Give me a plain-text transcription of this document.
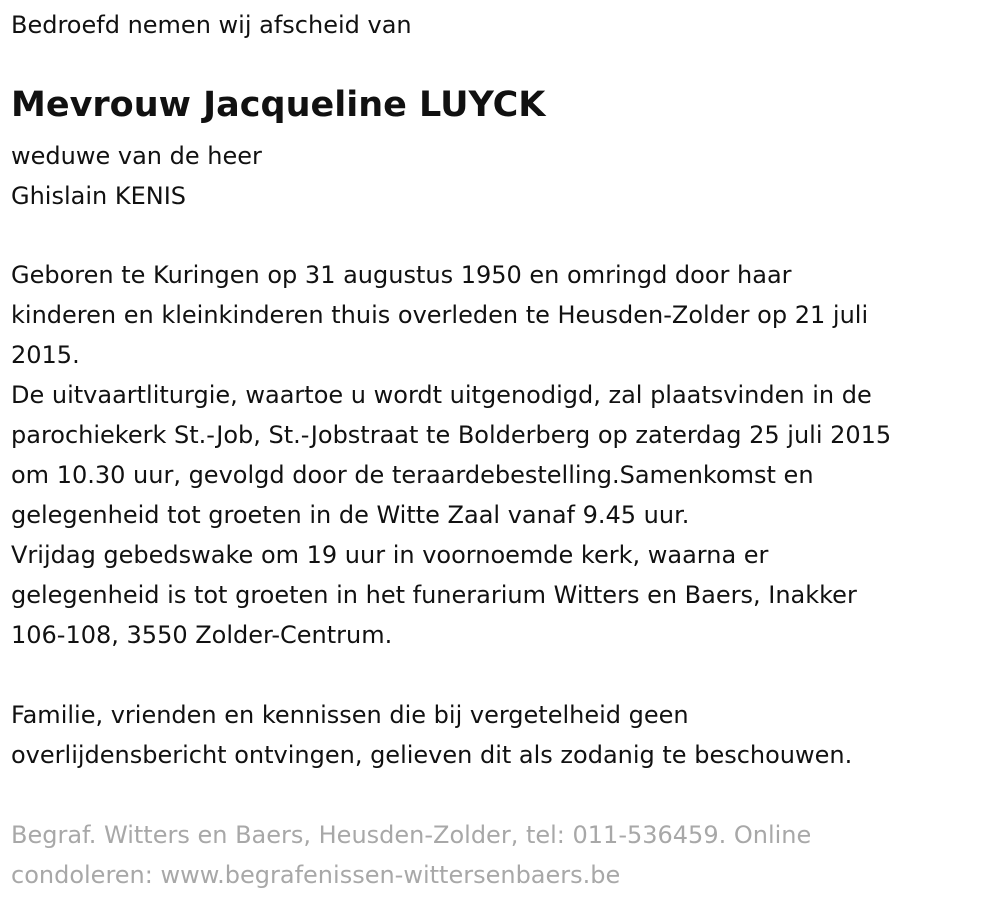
Bedroefd nemen wij afscheid van
Mevrouw Jacqueline LUYCK
weduwe van de heer
Ghislain KENIS
Geboren te Kuringen op 31 augustus 1950 en omringd door haar
kinderen en kleinkinderen thuis overleden te Heusden-Zolder op 21 juli
2015.
De uitvaartliturgie, waartoe u wordt uitgenodigd, zal plaatsvinden in de
parochiekerk St.-Job, St.-Jobstraat te Bolderberg op zaterdag 25 juli 2015
om 10.30 uur, gevolgd door de teraardebestelling.Samenkomst en
gelegenheid tot groeten in de Witte Zaal vanaf 9.45 uur.
Vrijdag gebedswake om 19 uur in voornoemde kerk, waarna er
gelegenheid is tot groeten in het funerarium Witters en Baers, Inakker
106-108, 3550 Zolder-Centrum.
Familie, vrienden en kennissen die bij vergetelheid geen
overlijdensbericht ontvingen, gelieven dit als zodanig te beschouwen.
Begraf. Witters en Baers, Heusden-Zolder, tel: 011-536459. Online
condoleren: www.begrafenissen-wittersenbaers.be
